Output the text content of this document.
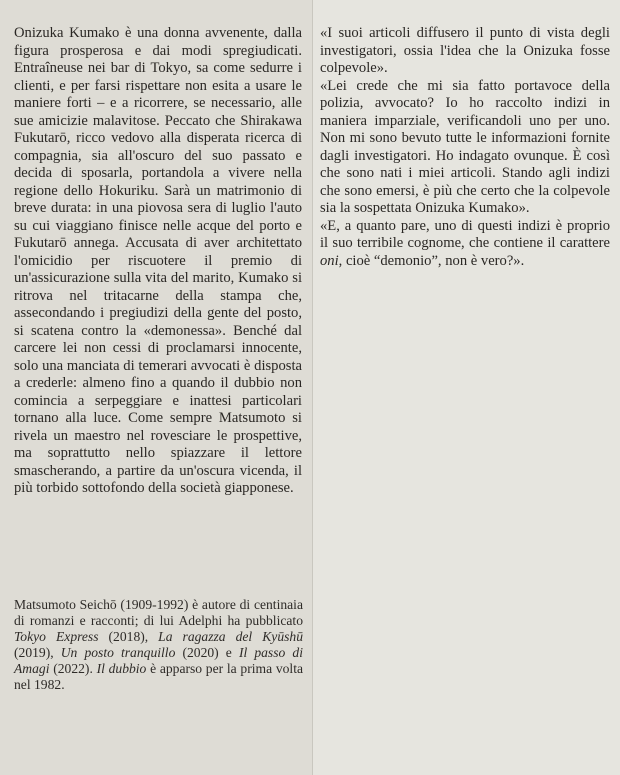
Onizuka Kumako è una donna avvenente, dalla figura prosperosa e dai modi spregiudicati. Entraîneuse nei bar di Tokyo, sa come sedurre i clienti, e per farsi rispettare non esita a usare le maniere forti – e a ricorrere, se necessario, alle sue amicizie malavitose. Peccato che Shirakawa Fukutarō, ricco vedovo alla disperata ricerca di compagnia, sia all'oscuro del suo passato e decida di sposarla, portandola a vivere nella regione dello Hokuriku. Sarà un matrimonio di breve durata: in una piovosa sera di luglio l'auto su cui viaggiano finisce nelle acque del porto e Fukutarō annega. Accusata di aver architettato l'omicidio per riscuotere il premio di un'assicurazione sulla vita del marito, Kumako si ritrova nel tritacarne della stampa che, assecondando i pregiudizi della gente del posto, si scatena contro la «demonessa». Benché dal carcere lei non cessi di proclamarsi innocente, solo una manciata di temerari avvocati è disposta a crederle: almeno fino a quando il dubbio non comincia a serpeggiare e inattesi particolari tornano alla luce. Come sempre Matsumoto si rivela un maestro nel rovesciare le prospettive, ma soprattutto nello spiazzare il lettore smascherando, a partire da un'oscura vicenda, il più torbido sottofondo della società giapponese.

Matsumoto Seichō (1909-1992) è autore di centinaia di romanzi e racconti; di lui Adelphi ha pubblicato Tokyo Express (2018), La ragazza del Kyūshū (2019), Un posto tranquillo (2020) e Il passo di Amagi (2022). Il dubbio è apparso per la prima volta nel 1982.

«I suoi articoli diffusero il punto di vista degli investigatori, ossia l'idea che la Onizuka fosse colpevole».

«Lei crede che mi sia fatto portavoce della polizia, avvocato? Io ho raccolto indizi in maniera imparziale, verificandoli uno per uno. Non mi sono bevuto tutte le informazioni fornite dagli investigatori. Ho indagato ovunque. È così che sono nati i miei articoli. Stando agli indizi che sono emersi, è più che certo che la colpevole sia la sospettata Onizuka Kumako».

«E, a quanto pare, uno di questi indizi è proprio il suo terribile cognome, che contiene il carattere oni, cioè “demonio”, non è vero?».
